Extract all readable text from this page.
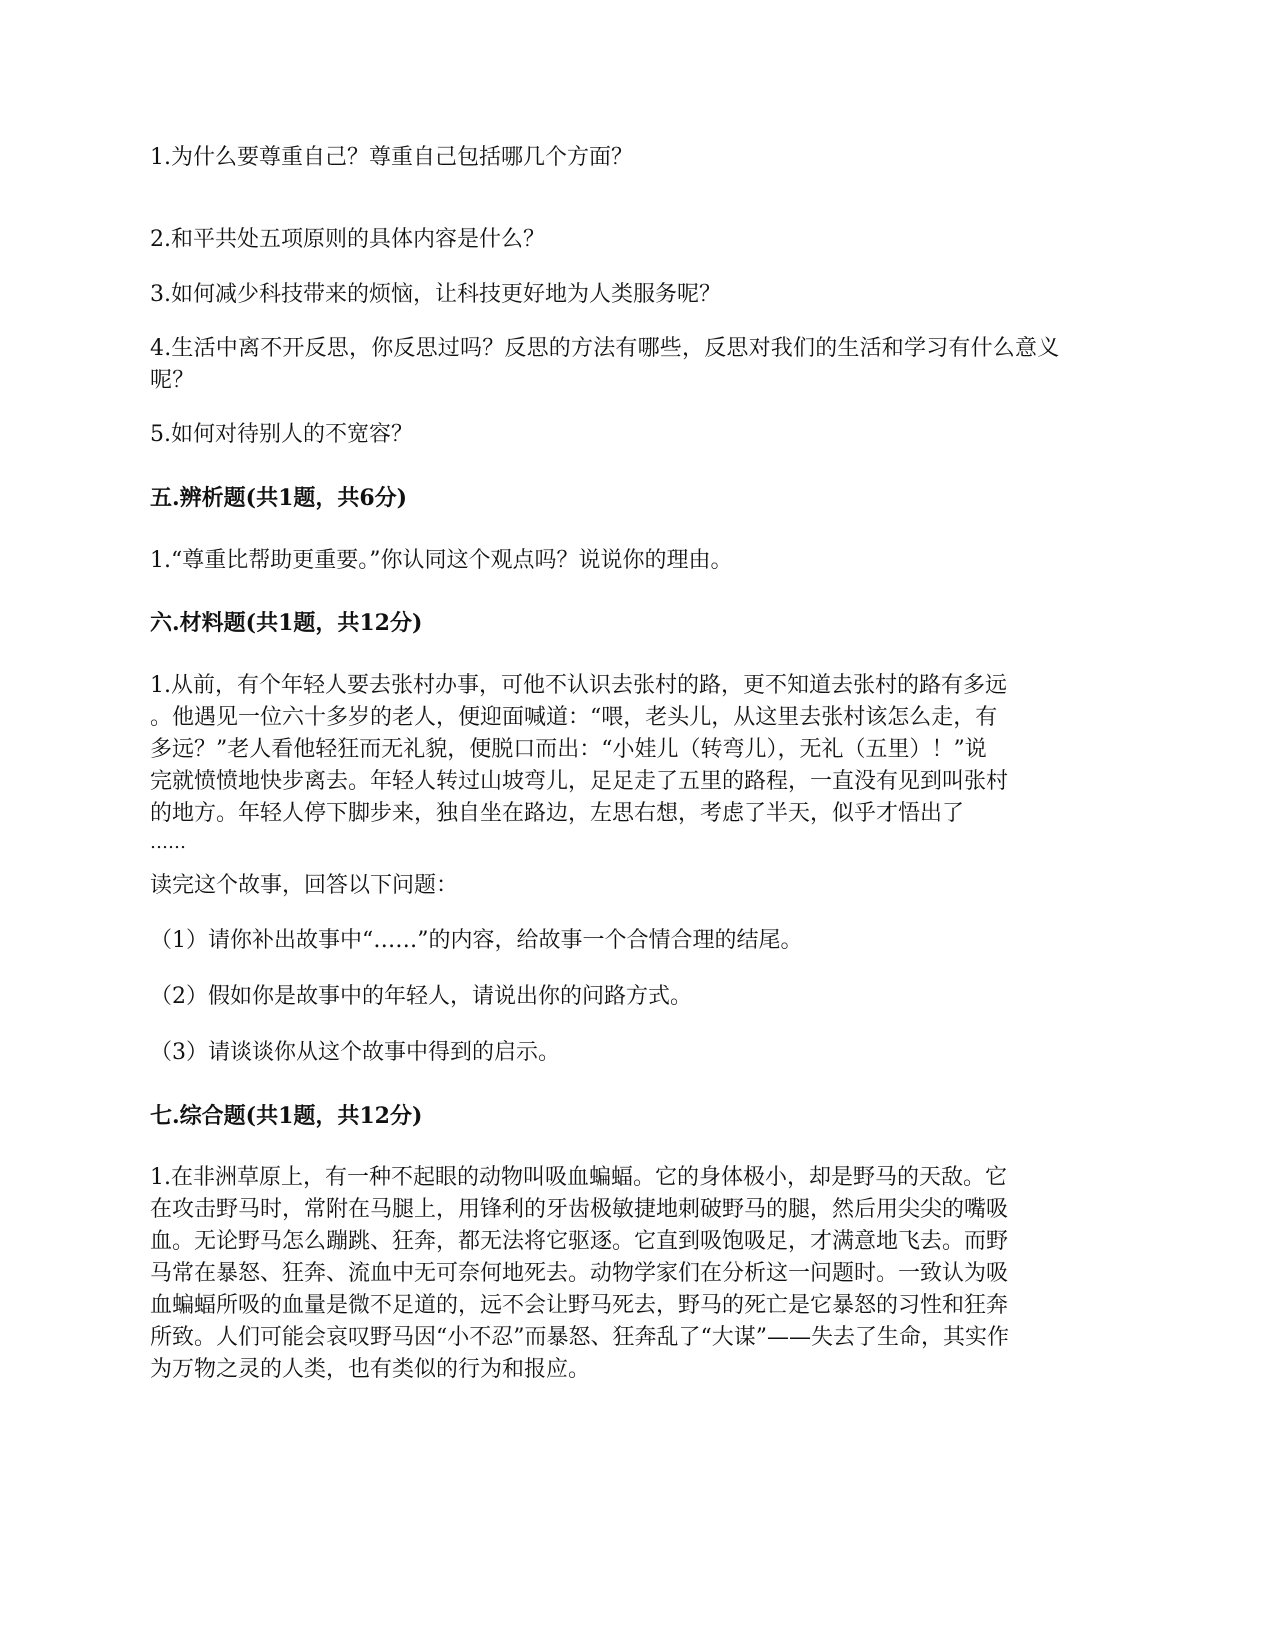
1.为什么要尊重自己？尊重自己包括哪几个方面？

2.和平共处五项原则的具体内容是什么？

3.如何减少科技带来的烦恼，让科技更好地为人类服务呢？

4.生活中离不开反思，你反思过吗？反思的方法有哪些，反思对我们的生活和学习有什么意义呢？

5.如何对待别人的不宽容？

五.辨析题(共1题，共6分)

1.“尊重比帮助更重要。”你认同这个观点吗？说说你的理由。

六.材料题(共1题，共12分)

1.从前，有个年轻人要去张村办事，可他不认识去张村的路，更不知道去张村的路有多远
。他遇见一位六十多岁的老人，便迎面喊道：“喂，老头儿，从这里去张村该怎么走，有
多远？”老人看他轻狂而无礼貌，便脱口而出：“小娃儿（转弯儿），无礼（五里）！”说
完就愤愤地快步离去。年轻人转过山坡弯儿，足足走了五里的路程，一直没有见到叫张村
的地方。年轻人停下脚步来，独自坐在路边，左思右想，考虑了半天，似乎才悟出了
……

读完这个故事，回答以下问题：

（1）请你补出故事中“……”的内容，给故事一个合情合理的结尾。

（2）假如你是故事中的年轻人，请说出你的问路方式。

（3）请谈谈你从这个故事中得到的启示。

七.综合题(共1题，共12分)

1.在非洲草原上，有一种不起眼的动物叫吸血蝙蝠。它的身体极小，却是野马的天敌。它
在攻击野马时，常附在马腿上，用锋利的牙齿极敏捷地刺破野马的腿，然后用尖尖的嘴吸
血。无论野马怎么蹦跳、狂奔，都无法将它驱逐。它直到吸饱吸足，才满意地飞去。而野
马常在暴怒、狂奔、流血中无可奈何地死去。动物学家们在分析这一问题时。一致认为吸
血蝙蝠所吸的血量是微不足道的，远不会让野马死去，野马的死亡是它暴怒的习性和狂奔
所致。人们可能会哀叹野马因“小不忍”而暴怒、狂奔乱了“大谋”——失去了生命，其实作
为万物之灵的人类，也有类似的行为和报应。
